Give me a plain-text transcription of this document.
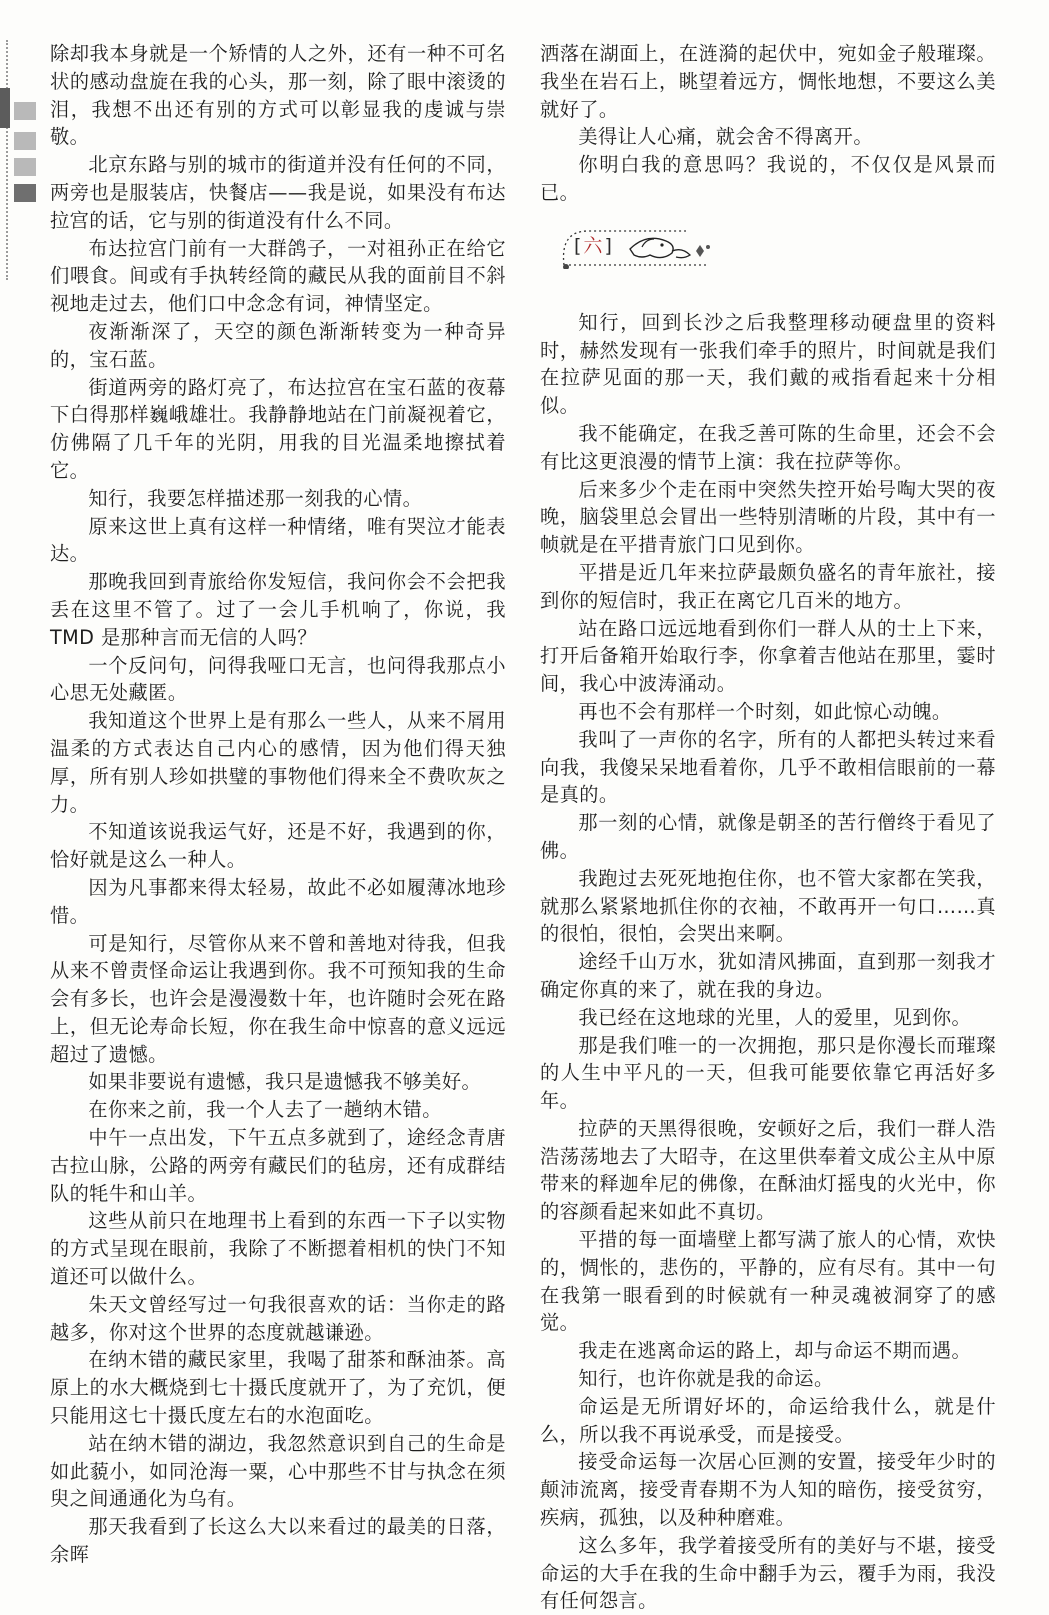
除却我本身就是一个矫情的人之外，还有一种不可名状的感动盘旋在我的心头，那一刻，除了眼中滚烫的泪，我想不出还有别的方式可以彰显我的虔诚与崇敬。

北京东路与别的城市的街道并没有任何的不同，两旁也是服装店，快餐店——我是说，如果没有布达拉宫的话，它与别的街道没有什么不同。

布达拉宫门前有一大群鸽子，一对祖孙正在给它们喂食。间或有手执转经筒的藏民从我的面前目不斜视地走过去，他们口中念念有词，神情坚定。

夜渐渐深了，天空的颜色渐渐转变为一种奇异的，宝石蓝。

街道两旁的路灯亮了，布达拉宫在宝石蓝的夜幕下白得那样巍峨雄壮。我静静地站在门前凝视着它，仿佛隔了几千年的光阴，用我的目光温柔地擦拭着它。

知行，我要怎样描述那一刻我的心情。

原来这世上真有这样一种情绪，唯有哭泣才能表达。

那晚我回到青旅给你发短信，我问你会不会把我丢在这里不管了。过了一会儿手机响了，你说，我 TMD 是那种言而无信的人吗？

一个反问句，问得我哑口无言，也问得我那点小心思无处藏匿。

我知道这个世界上是有那么一些人，从来不屑用温柔的方式表达自己内心的感情，因为他们得天独厚，所有别人珍如拱璧的事物他们得来全不费吹灰之力。

不知道该说我运气好，还是不好，我遇到的你，恰好就是这么一种人。

因为凡事都来得太轻易，故此不必如履薄冰地珍惜。

可是知行，尽管你从来不曾和善地对待我，但我从来不曾责怪命运让我遇到你。我不可预知我的生命会有多长，也许会是漫漫数十年，也许随时会死在路上，但无论寿命长短，你在我生命中惊喜的意义远远超过了遗憾。

如果非要说有遗憾，我只是遗憾我不够美好。

在你来之前，我一个人去了一趟纳木错。

中午一点出发，下午五点多就到了，途经念青唐古拉山脉，公路的两旁有藏民们的毡房，还有成群结队的牦牛和山羊。

这些从前只在地理书上看到的东西一下子以实物的方式呈现在眼前，我除了不断摁着相机的快门不知道还可以做什么。

朱天文曾经写过一句我很喜欢的话：当你走的路越多，你对这个世界的态度就越谦逊。

在纳木错的藏民家里，我喝了甜茶和酥油茶。高原上的水大概烧到七十摄氏度就开了，为了充饥，便只能用这七十摄氏度左右的水泡面吃。

站在纳木错的湖边，我忽然意识到自己的生命是如此藐小，如同沧海一粟，心中那些不甘与执念在须臾之间通通化为乌有。

那天我看到了长这么大以来看过的最美的日落，余晖

洒落在湖面上，在涟漪的起伏中，宛如金子般璀璨。我坐在岩石上，眺望着远方，惆怅地想，不要这么美就好了。

美得让人心痛，就会舍不得离开。

你明白我的意思吗？我说的，不仅仅是风景而已。

[六]

知行，回到长沙之后我整理移动硬盘里的资料时，赫然发现有一张我们牵手的照片，时间就是我们在拉萨见面的那一天，我们戴的戒指看起来十分相似。

我不能确定，在我乏善可陈的生命里，还会不会有比这更浪漫的情节上演：我在拉萨等你。

后来多少个走在雨中突然失控开始号啕大哭的夜晚，脑袋里总会冒出一些特别清晰的片段，其中有一帧就是在平措青旅门口见到你。

平措是近几年来拉萨最颇负盛名的青年旅社，接到你的短信时，我正在离它几百米的地方。

站在路口远远地看到你们一群人从的士上下来，打开后备箱开始取行李，你拿着吉他站在那里，霎时间，我心中波涛涌动。

再也不会有那样一个时刻，如此惊心动魄。

我叫了一声你的名字，所有的人都把头转过来看向我，我傻呆呆地看着你，几乎不敢相信眼前的一幕是真的。

那一刻的心情，就像是朝圣的苦行僧终于看见了佛。

我跑过去死死地抱住你，也不管大家都在笑我，就那么紧紧地抓住你的衣袖，不敢再开一句口……真的很怕，很怕，会哭出来啊。

途经千山万水，犹如清风拂面，直到那一刻我才确定你真的来了，就在我的身边。

我已经在这地球的光里，人的爱里，见到你。

那是我们唯一的一次拥抱，那只是你漫长而璀璨的人生中平凡的一天，但我可能要依靠它再活好多年。

拉萨的天黑得很晚，安顿好之后，我们一群人浩浩荡荡地去了大昭寺，在这里供奉着文成公主从中原带来的释迦牟尼的佛像，在酥油灯摇曳的火光中，你的容颜看起来如此不真切。

平措的每一面墙壁上都写满了旅人的心情，欢快的，惆怅的，悲伤的，平静的，应有尽有。其中一句在我第一眼看到的时候就有一种灵魂被洞穿了的感觉。

我走在逃离命运的路上，却与命运不期而遇。

知行，也许你就是我的命运。

命运是无所谓好坏的，命运给我什么，就是什么，所以我不再说承受，而是接受。

接受命运每一次居心叵测的安置，接受年少时的颠沛流离，接受青春期不为人知的暗伤，接受贫穷，疾病，孤独，以及种种磨难。

这么多年，我学着接受所有的美好与不堪，接受命运的大手在我的生命中翻手为云，覆手为雨，我没有任何怨言。
